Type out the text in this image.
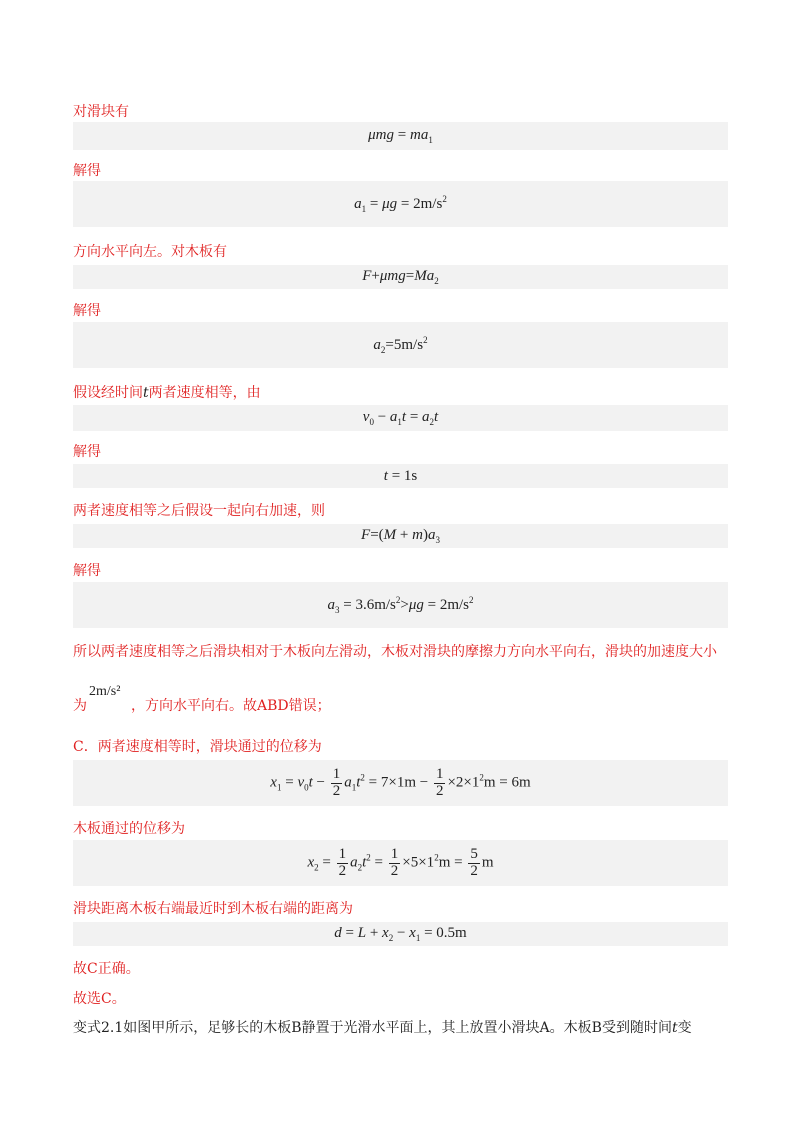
对滑块有
$\mu mg = ma_1$
解得
$a_1 = \mu g = 2m/s^2$
方向水平向左。对木板有
$F+\mu mg=Ma_2$
解得
$a_2=5m/s^2$
假设经时间t两者速度相等，由
$v_0 - a_1t = a_2t$
解得
t = 1s
两者速度相等之后假设一起向右加速，则
$F=(M + m)a_3$
解得
$a_3 = 3.6m/s^2>\mu g = 2m/s^2$
所以两者速度相等之后滑块相对于木板向左滑动，木板对滑块的摩擦力方向水平向右，滑块的加速度大小
为	，方向水平向右。故ABD错误；
2m/s²
C．两者速度相等时，滑块通过的位移为
$x_1 = v_0t - \frac{1}{2} a_1t^2 = 7\times 1m - \frac{1}{2} \times 2\times 1^2m = 6m$
木板通过的位移为
$x_2 = \frac{1}{2} a_2t^2 = \frac{1}{2} \times 5\times 1^2m = \frac{5}{2}$ m
滑块距离木板右端最近时到木板右端的距离为
$d = L + x_2 - x_1 = 0.5m$
故C正确。
故选C。
变式2.1如图甲所示，足够长的木板B静置于光滑水平面上，其上放置小滑块A。木板B受到随时间t变
